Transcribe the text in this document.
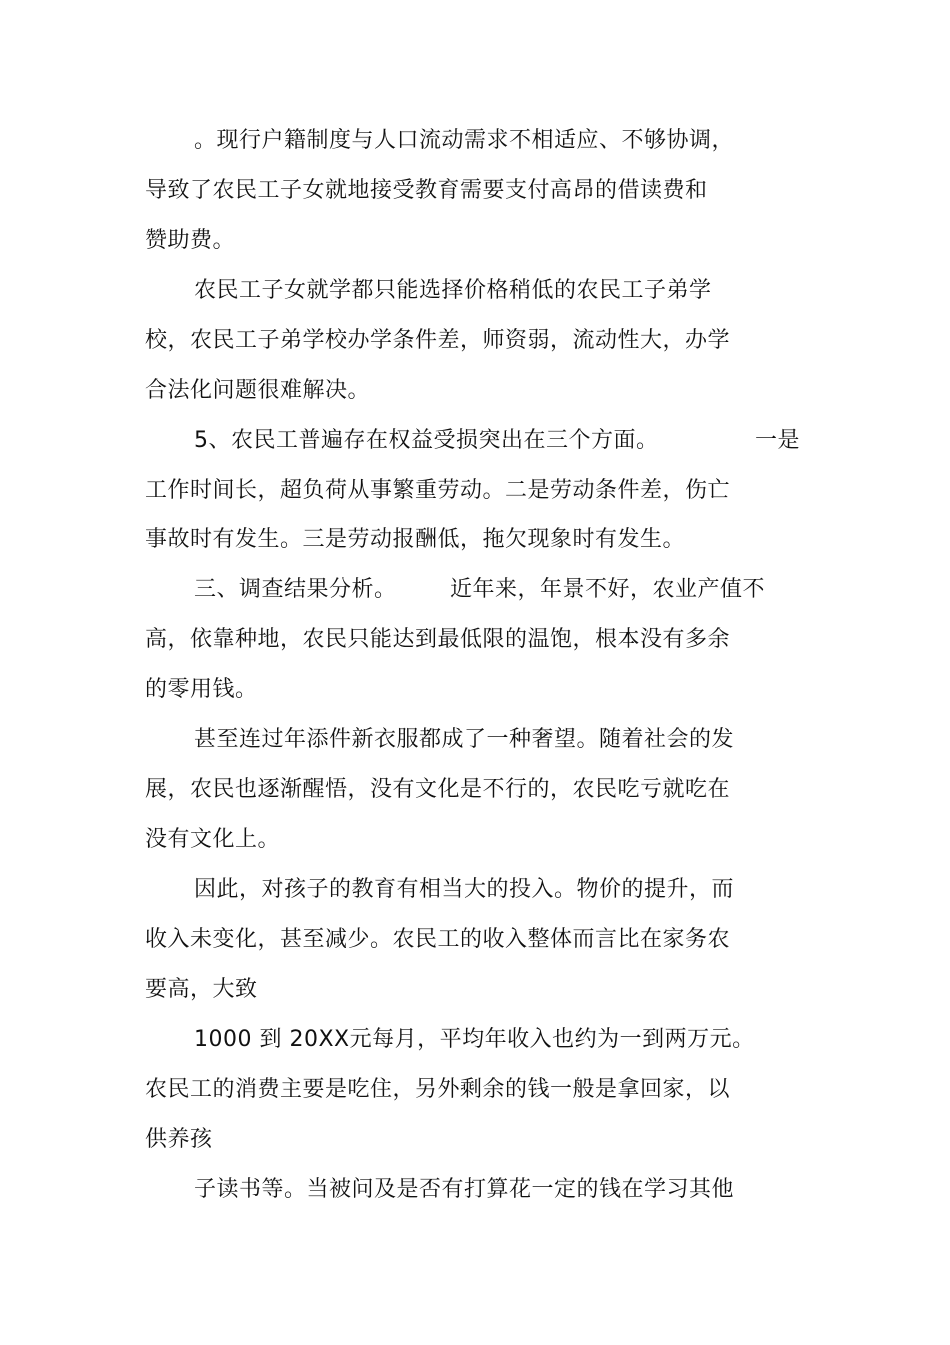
。现行户籍制度与人口流动需求不相适应、不够协调，
导致了农民工子女就地接受教育需要支付高昂的借读费和
赞助费。
农民工子女就学都只能选择价格稍低的农民工子弟学
校，农民工子弟学校办学条件差，师资弱，流动性大，办学
合法化问题很难解决。
5、农民工普遍存在权益受损突出在三个方面。	一是
工作时间长，超负荷从事繁重劳动。二是劳动条件差，伤亡
事故时有发生。三是劳动报酬低，拖欠现象时有发生。
三、调查结果分析。 近年来，年景不好，农业产值不
高，依靠种地，农民只能达到最低限的温饱，根本没有多余
的零用钱。
甚至连过年添件新衣服都成了一种奢望。随着社会的发
展，农民也逐渐醒悟，没有文化是不行的，农民吃亏就吃在
没有文化上。
因此，对孩子的教育有相当大的投入。物价的提升，而
收入未变化，甚至减少。农民工的收入整体而言比在家务农
要高，大致
1000 到 20XX元每月，平均年收入也约为一到两万元。
农民工的消费主要是吃住，另外剩余的钱一般是拿回家，以
供养孩
子读书等。当被问及是否有打算花一定的钱在学习其他
